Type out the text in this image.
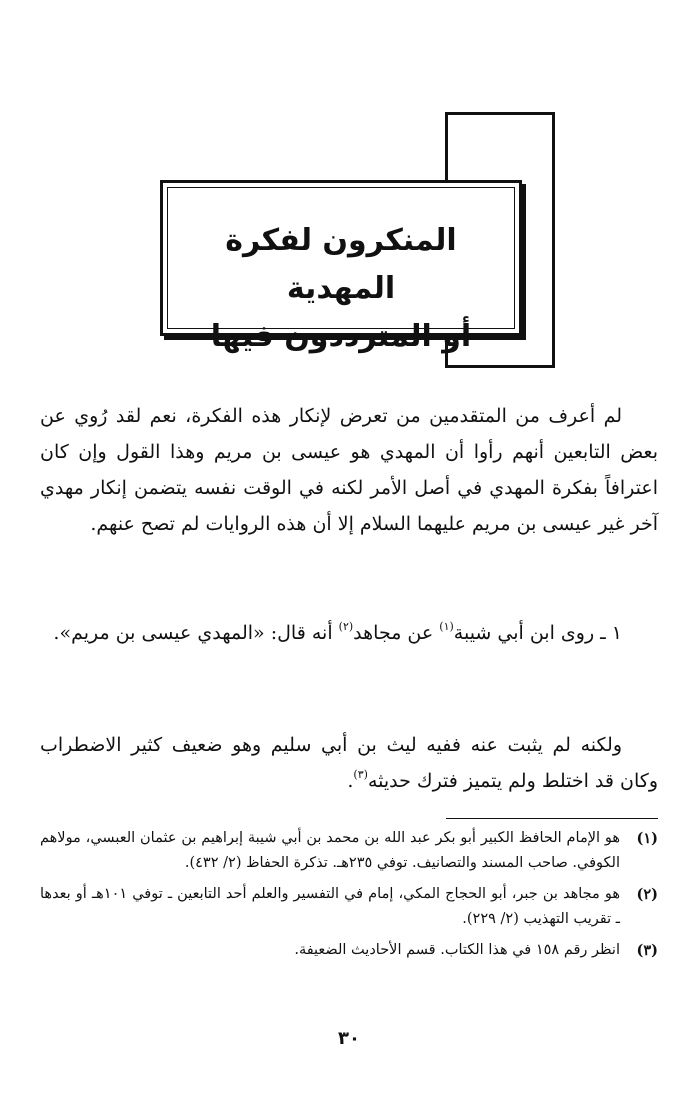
المنكرون لفكرة المهدية
أو المترددون فيها

لم أعرف من المتقدمين من تعرض لإنكار هذه الفكرة، نعم لقد رُوي عن بعض التابعين أنهم رأوا أن المهدي هو عيسى بن مريم وهذا القول وإن كان اعترافاً بفكرة المهدي في أصل الأمر لكنه في الوقت نفسه يتضمن إنكار مهدي آخر غير عيسى بن مريم عليهما السلام إلا أن هذه الروايات لم تصح عنهم.

١ ـ روى ابن أبي شيبة$^{(١)}$ عن مجاهد$^{(٢)}$ أنه قال: «المهدي عيسى بن مريم».

ولكنه لم يثبت عنه ففيه ليث بن أبي سليم وهو ضعيف كثير الاضطراب وكان قد اختلط ولم يتميز فترك حديثه$^{(٣)}$.

(١)
هو الإمام الحافظ الكبير أبو بكر عبد الله بن محمد بن أبي شيبة إبراهيم بن عثمان العبسي، مولاهم الكوفي. صاحب المسند والتصانيف. توفي ٢٣٥هـ. تذكرة الحفاظ (٢/ ٤٣٢).
(٢)
هو مجاهد بن جبر، أبو الحجاج المكي، إمام في التفسير والعلم أحد التابعين ـ توفي ١٠١هـ أو بعدها ـ تقريب التهذيب (٢/ ٢٢٩).
(٣)
انظر رقم ١٥٨ في هذا الكتاب. قسم الأحاديث الضعيفة.
٣٠
